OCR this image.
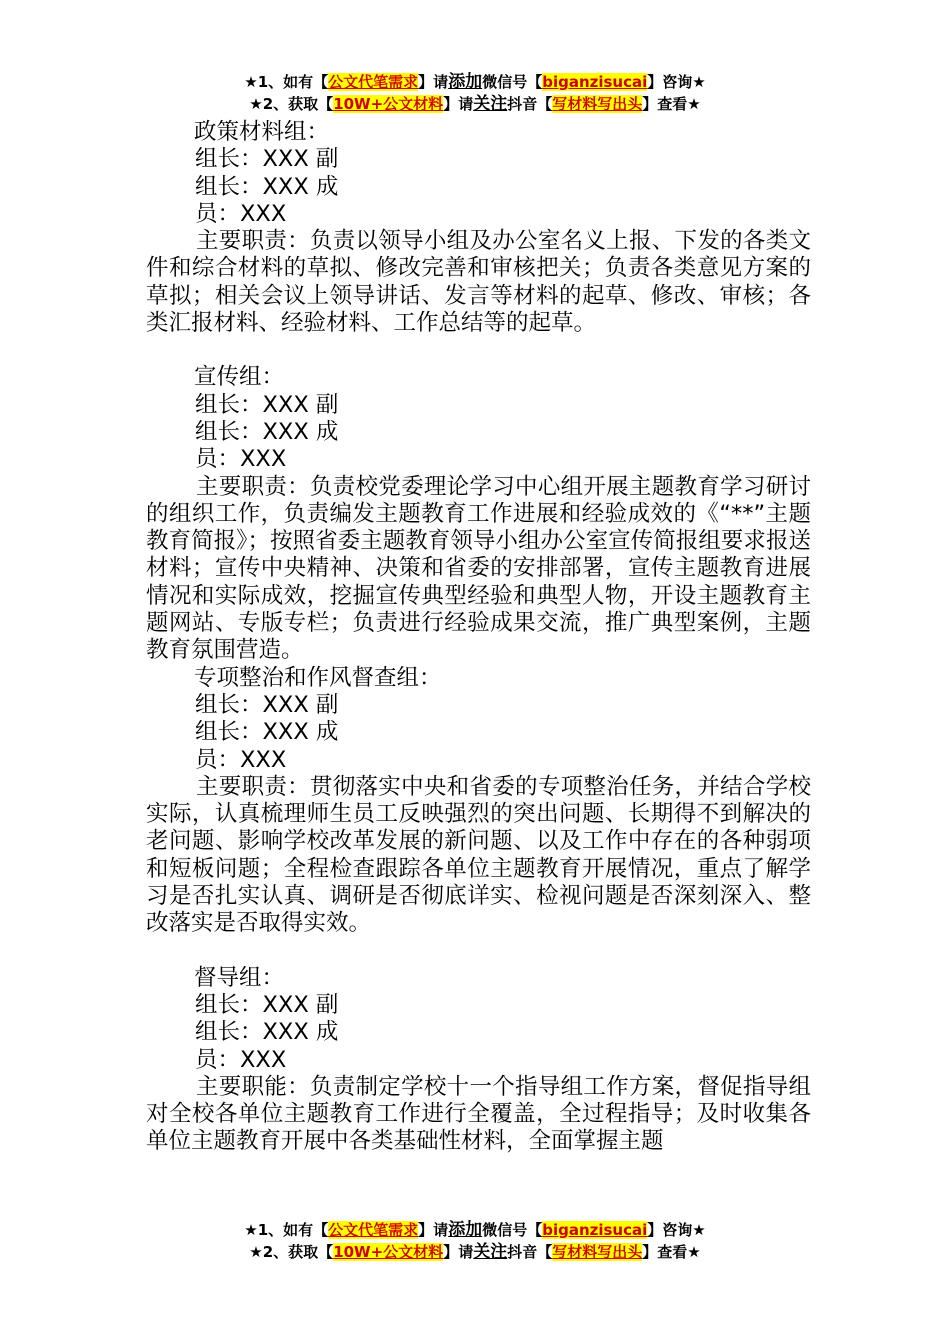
★1、如有【公文代笔需求】请添加微信号【biganzisucai】咨询★
★2、获取【10W+公文材料】请关注抖音【写材料写出头】查看★

政策材料组：

组长：XXX 副

组长：XXX 成

员：XXX

主要职责：负责以领导小组及办公室名义上报、下发的各类文件和综合材料的草拟、修改完善和审核把关；负责各类意见方案的草拟；相关会议上领导讲话、发言等材料的起草、修改、审核；各类汇报材料、经验材料、工作总结等的起草。

宣传组：

组长：XXX 副

组长：XXX 成

员：XXX

主要职责：负责校党委理论学习中心组开展主题教育学习研讨的组织工作，负责编发主题教育工作进展和经验成效的《“**”主题教育简报》；按照省委主题教育领导小组办公室宣传简报组要求报送材料；宣传中央精神、决策和省委的安排部署，宣传主题教育进展情况和实际成效，挖掘宣传典型经验和典型人物，开设主题教育主题网站、专版专栏；负责进行经验成果交流，推广典型案例，主题教育氛围营造。

专项整治和作风督查组：

组长：XXX 副

组长：XXX 成

员：XXX

主要职责：贯彻落实中央和省委的专项整治任务，并结合学校实际，认真梳理师生员工反映强烈的突出问题、长期得不到解决的老问题、影响学校改革发展的新问题、以及工作中存在的各种弱项和短板问题；全程检查跟踪各单位主题教育开展情况，重点了解学习是否扎实认真、调研是否彻底详实、检视问题是否深刻深入、整改落实是否取得实效。

督导组：

组长：XXX 副

组长：XXX 成

员：XXX

主要职能：负责制定学校十一个指导组工作方案，督促指导组对全校各单位主题教育工作进行全覆盖，全过程指导；及时收集各单位主题教育开展中各类基础性材料，全面掌握主题

★1、如有【公文代笔需求】请添加微信号【biganzisucai】咨询★
★2、获取【10W+公文材料】请关注抖音【写材料写出头】查看★
